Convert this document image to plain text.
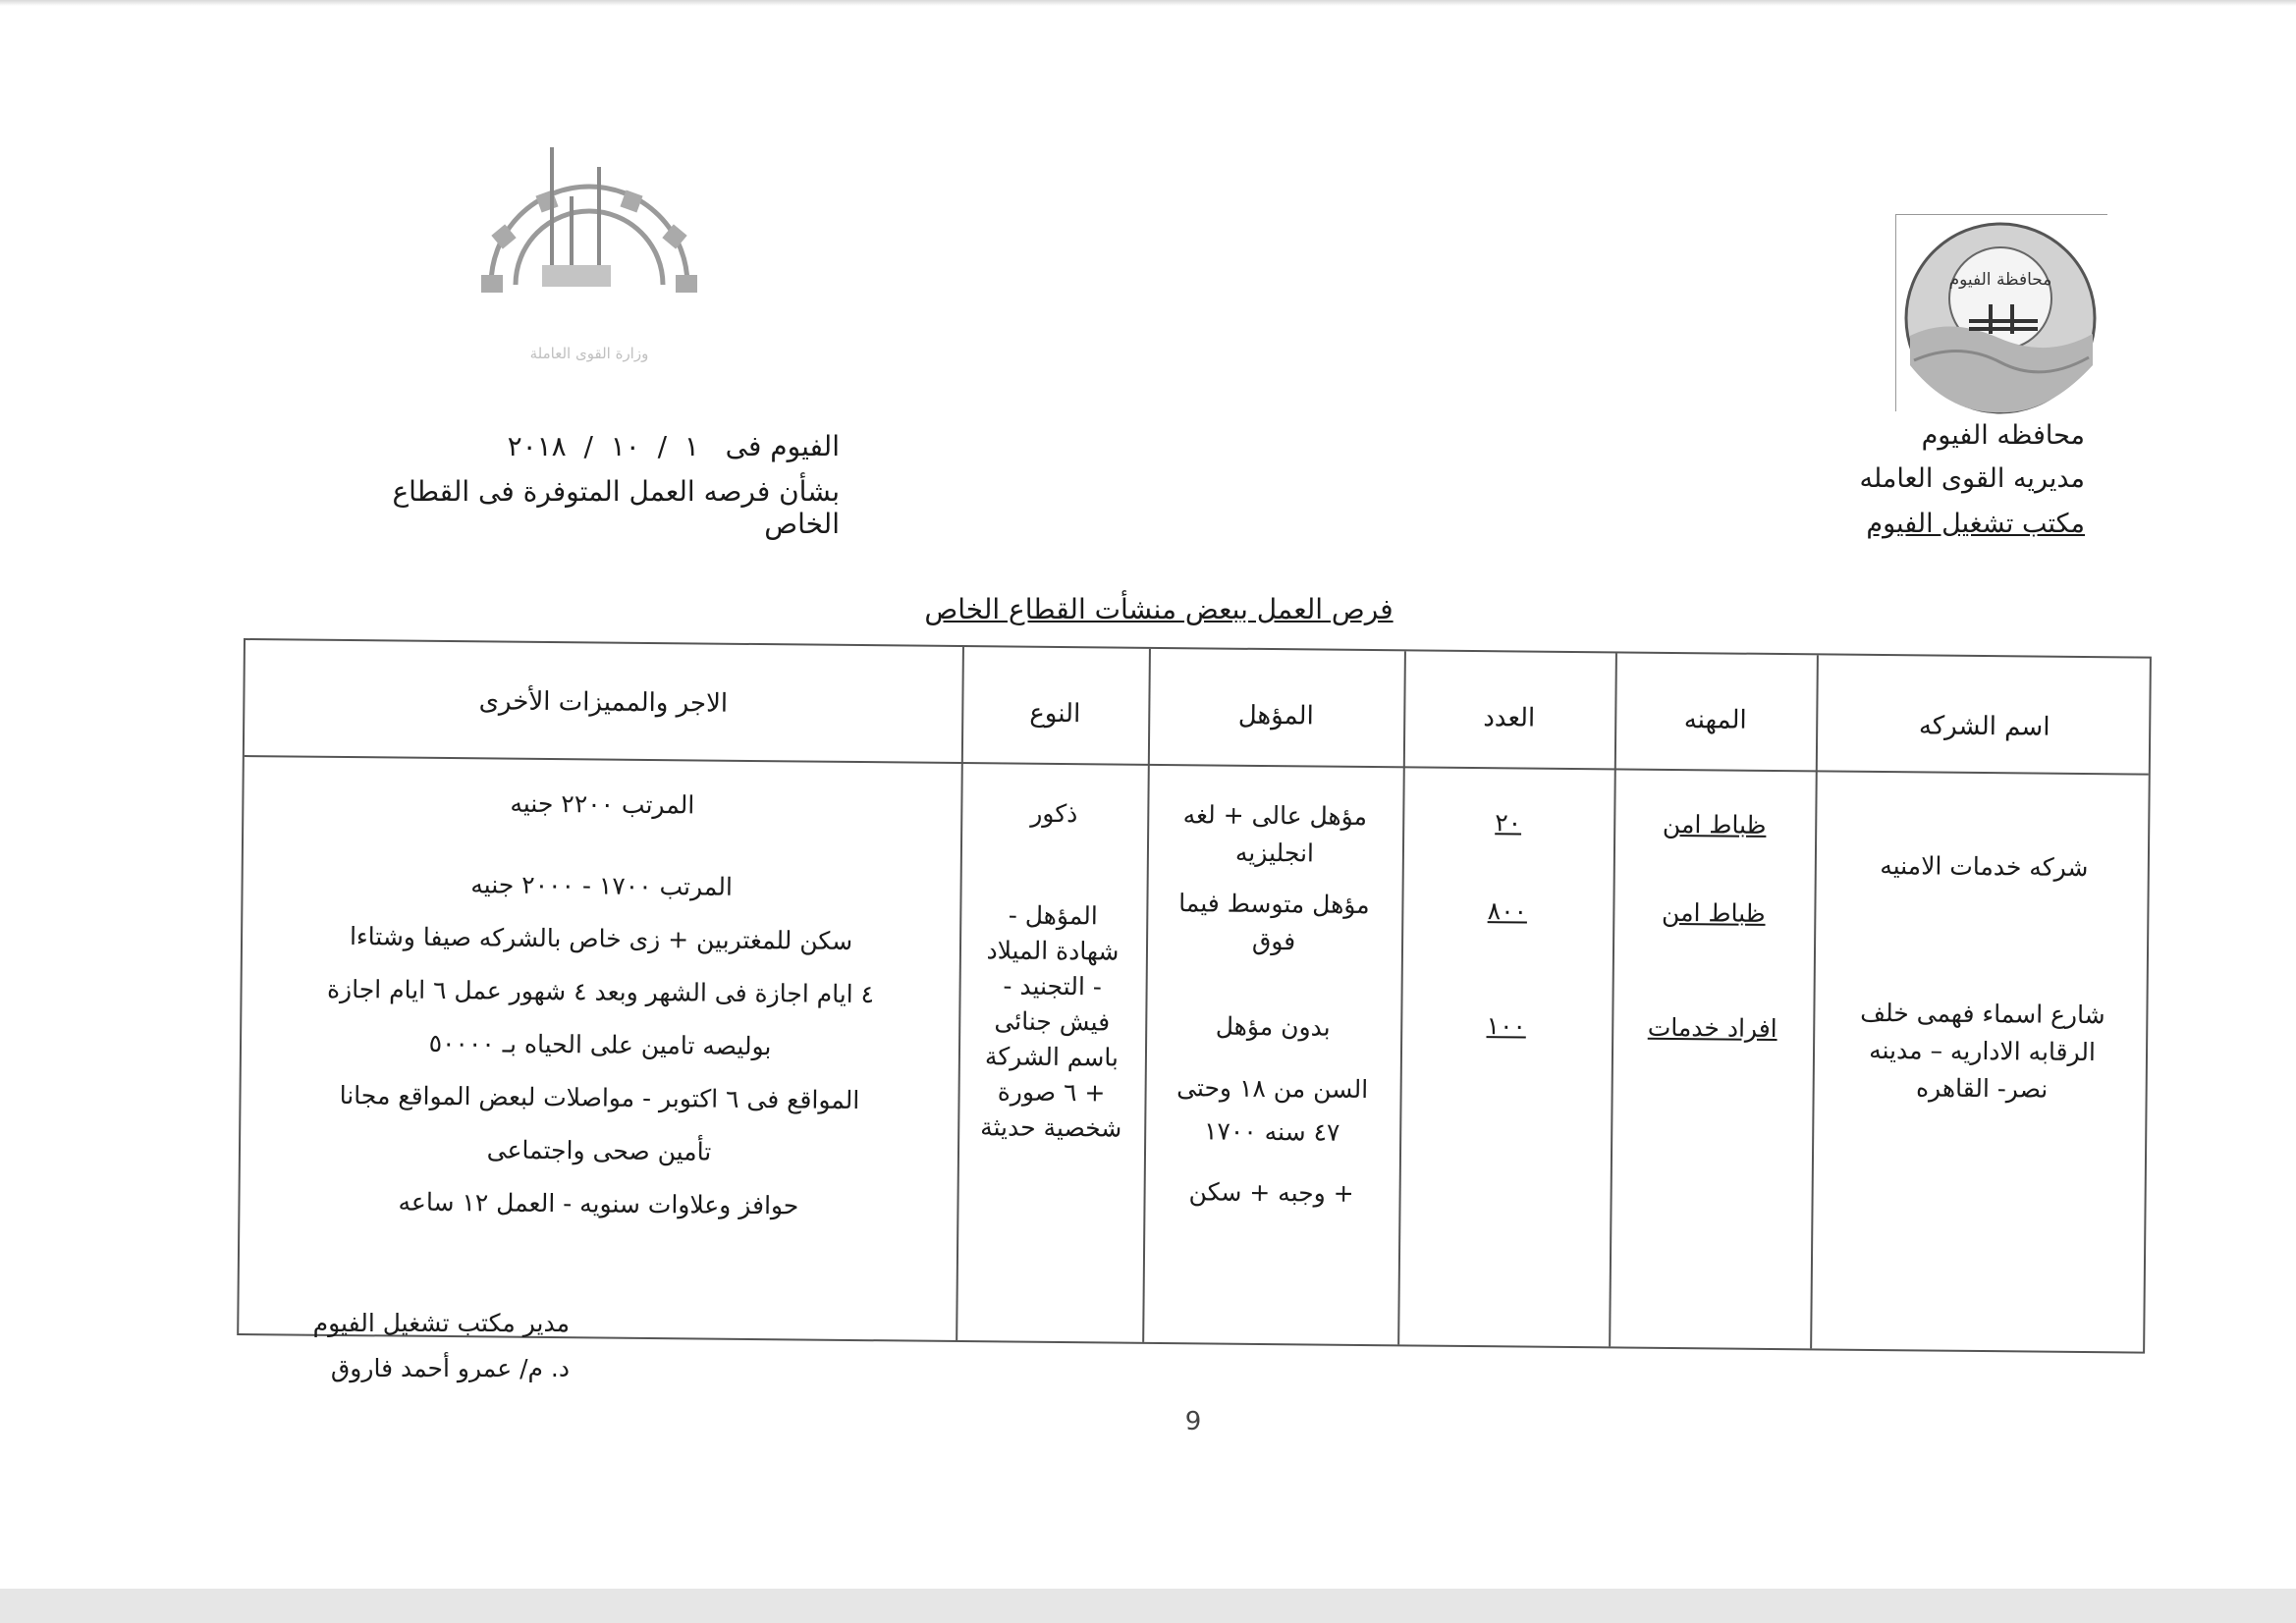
وزارة القوى العاملة
محافظة الفيوم
محافظه الفيوم
مديريه القوى العامله
مكتب تشغيل الفيوم
الفيوم فى   ١  /  ١٠  /  ٢٠١٨
بشأن فرصه العمل المتوفرة فى القطاع الخاص
فرص العمل ببعض منشأت القطاع الخاص
اسم الشركه
المهنه
العدد
المؤهل
النوع
الاجر والمميزات الأخرى
شركه خدمات الامنيه
شارع اسماء فهمى خلف
الرقابه الاداريه – مدينه
نصر- القاهره
ظباط امن
ظباط امن
افراد خدمات
٢٠
٨٠٠
١٠٠
مؤهل عالى + لغه
انجليزيه
مؤهل متوسط فيما
فوق
بدون مؤهل
السن من ١٨ وحتى
٤٧ سنه ١٧٠٠
+ وجبه + سكن
ذكور
المؤهل -
شهادة الميلاد
- التجنيد -
فيش جنائى
باسم الشركة
+ ٦ صورة
شخصية حديثة
المرتب ٢٢٠٠ جنيه
المرتب ١٧٠٠ - ٢٠٠٠ جنيه
سكن للمغتربين + زى خاص بالشركه صيفا وشتاءا
٤ ايام اجازة فى الشهر وبعد ٤ شهور عمل ٦ ايام اجازة
بوليصه تامين على الحياه بـ ٥٠٠٠٠
المواقع فى ٦ اكتوبر - مواصلات لبعض المواقع مجانا
تأمين صحى واجتماعى
حوافز وعلاوات سنويه - العمل ١٢ ساعه
مدير مكتب تشغيل الفيوم
د. م/ عمرو أحمد فاروق
9
